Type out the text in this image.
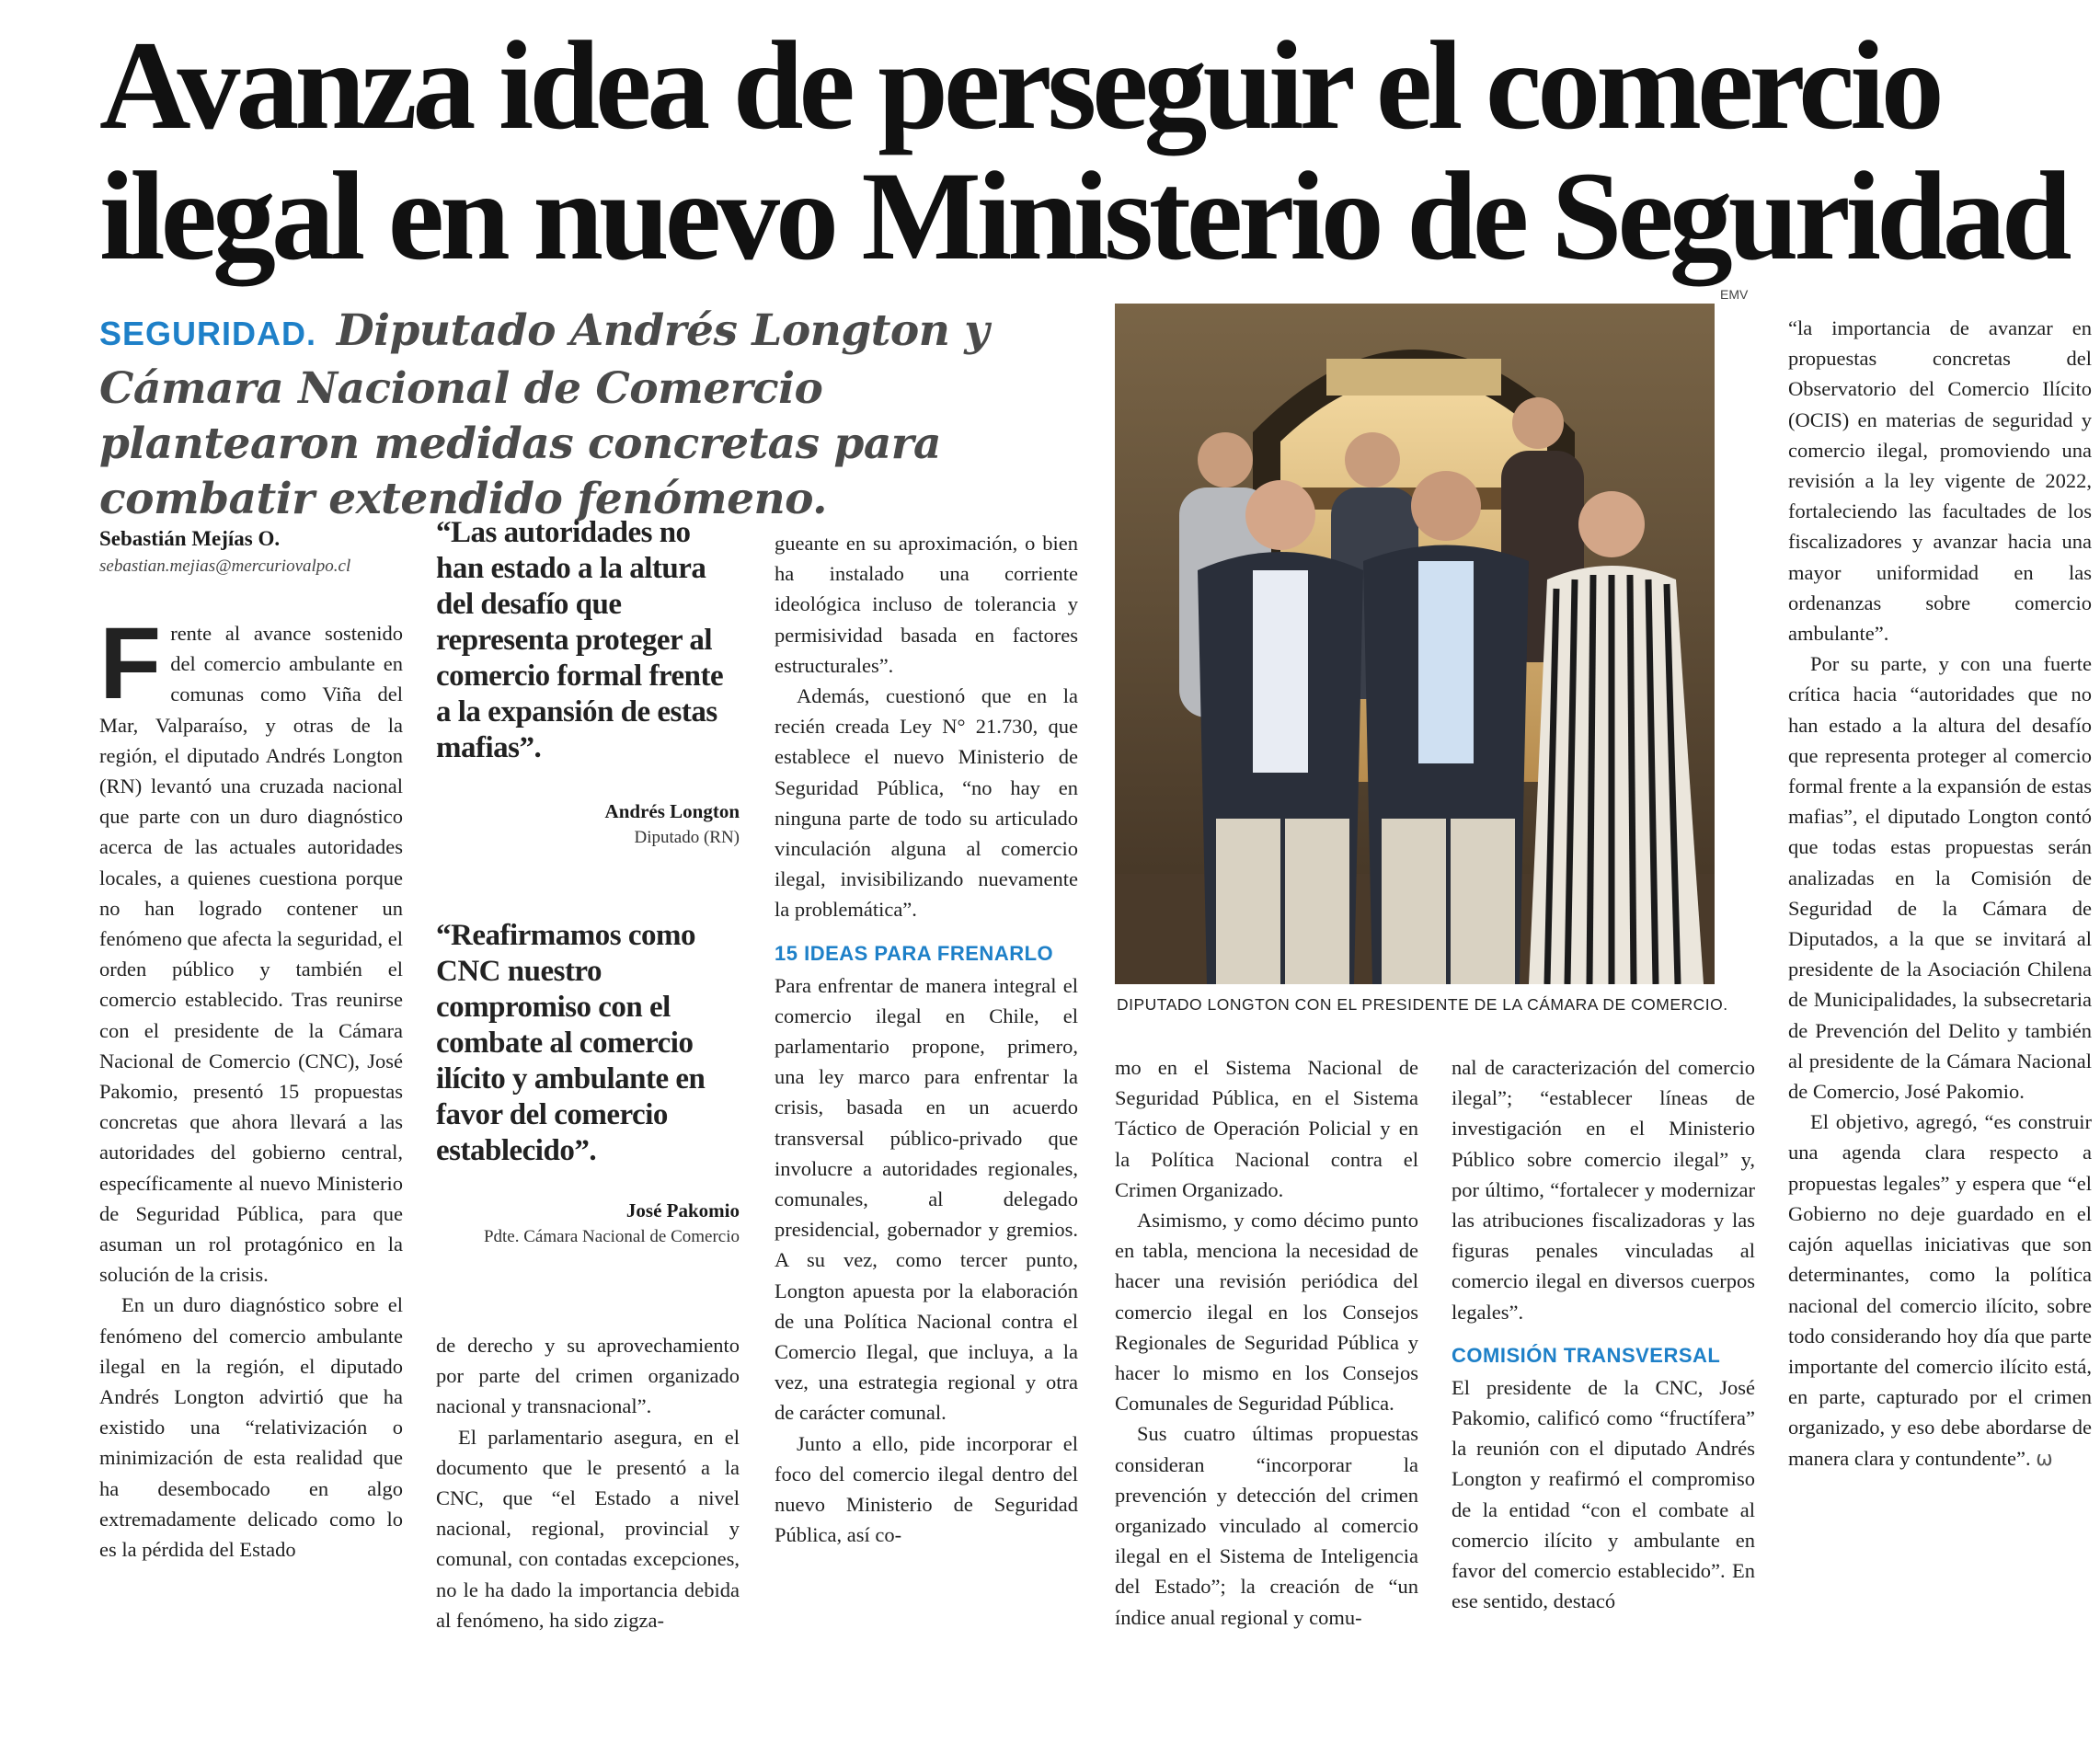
Avanza idea de perseguir el comercio ilegal en nuevo Ministerio de Seguridad
SEGURIDAD. Diputado Andrés Longton y Cámara Nacional de Comercio plantearon medidas concretas para combatir extendido fenómeno.
Sebastián Mejías O.
sebastian.mejias@mercuriovalpo.cl

Frente al avance sostenido del comercio ambulante en comunas como Viña del Mar, Valparaíso, y otras de la región, el diputado Andrés Longton (RN) levantó una cruzada nacional que parte con un duro diagnóstico acerca de las actuales autoridades locales, a quienes cuestiona porque no han logrado contener un fenómeno que afecta la seguridad, el orden público y también el comercio establecido. Tras reunirse con el presidente de la Cámara Nacional de Comercio (CNC), José Pakomio, presentó 15 propuestas concretas que ahora llevará a las autoridades del gobierno central, específicamente al nuevo Ministerio de Seguridad Pública, para que asuman un rol protagónico en la solución de la crisis.

En un duro diagnóstico sobre el fenómeno del comercio ambulante ilegal en la región, el diputado Andrés Longton advirtió que ha existido una “relativización o minimización de esta realidad que ha desembocado en algo extremadamente delicado como lo es la pérdida del Estado

“Las autoridades no han estado a la altura del desafío que representa proteger al comercio formal frente a la expansión de estas mafias”.
Andrés Longton
Diputado (RN)
“Reafirmamos como CNC nuestro compromiso con el combate al comercio ilícito y ambulante en favor del comercio establecido”.
José Pakomio
Pdte. Cámara Nacional de Comercio

de derecho y su aprovechamiento por parte del crimen organizado nacional y transnacional”.

El parlamentario asegura, en el documento que le presentó a la CNC, que “el Estado a nivel nacional, regional, provincial y comunal, con contadas excepciones, no le ha dado la importancia debida al fenómeno, ha sido zigza-

gueante en su aproximación, o bien ha instalado una corriente ideológica incluso de tolerancia y permisividad basada en factores estructurales”.

Además, cuestionó que en la recién creada Ley N° 21.730, que establece el nuevo Ministerio de Seguridad Pública, “no hay en ninguna parte de todo su articulado vinculación alguna al comercio ilegal, invisibilizando nuevamente la problemática”.

15 IDEAS PARA FRENARLO

Para enfrentar de manera integral el comercio ilegal en Chile, el parlamentario propone, primero, una ley marco para enfrentar la crisis, basada en un acuerdo transversal público-privado que involucre a autoridades regionales, comunales, al delegado presidencial, gobernador y gremios. A su vez, como tercer punto, Longton apuesta por la elaboración de una Política Nacional contra el Comercio Ilegal, que incluya, a la vez, una estrategia regional y otra de carácter comunal.

Junto a ello, pide incorporar el foco del comercio ilegal dentro del nuevo Ministerio de Seguridad Pública, así co-

EMV
DIPUTADO LONGTON CON EL PRESIDENTE DE LA CÁMARA DE COMERCIO.

mo en el Sistema Nacional de Seguridad Pública, en el Sistema Táctico de Operación Policial y en la Política Nacional contra el Crimen Organizado.

Asimismo, y como décimo punto en tabla, menciona la necesidad de hacer una revisión periódica del comercio ilegal en los Consejos Regionales de Seguridad Pública y hacer lo mismo en los Consejos Comunales de Seguridad Pública.

Sus cuatro últimas propuestas consideran “incorporar la prevención y detección del crimen organizado vinculado al comercio ilegal en el Sistema de Inteligencia del Estado”; la creación de “un índice anual regional y comu-

nal de caracterización del comercio ilegal”; “establecer líneas de investigación en el Ministerio Público sobre comercio ilegal” y, por último, “fortalecer y modernizar las atribuciones fiscalizadoras y las figuras penales vinculadas al comercio ilegal en diversos cuerpos legales”.

COMISIÓN TRANSVERSAL

El presidente de la CNC, José Pakomio, calificó como “fructífera” la reunión con el diputado Andrés Longton y reafirmó el compromiso de la entidad “con el combate al comercio ilícito y ambulante en favor del comercio establecido”. En ese sentido, destacó

“la importancia de avanzar en propuestas concretas del Observatorio del Comercio Ilícito (OCIS) en materias de seguridad y comercio ilegal, promoviendo una revisión a la ley vigente de 2022, fortaleciendo las facultades de los fiscalizadores y avanzar hacia una mayor uniformidad en las ordenanzas sobre comercio ambulante”.

Por su parte, y con una fuerte crítica hacia “autoridades que no han estado a la altura del desafío que representa proteger al comercio formal frente a la expansión de estas mafias”, el diputado Longton contó que todas estas propuestas serán analizadas en la Comisión de Seguridad de la Cámara de Diputados, a la que se invitará al presidente de la Asociación Chilena de Municipalidades, la subsecretaria de Prevención del Delito y también al presidente de la Cámara Nacional de Comercio, José Pakomio.

El objetivo, agregó, “es construir una agenda clara respecto a propuestas legales” y espera que “el Gobierno no deje guardado en el cajón aquellas iniciativas que son determinantes, como la política nacional del comercio ilícito, sobre todo considerando hoy día que parte importante del comercio ilícito está, en parte, capturado por el crimen organizado, y eso debe abordarse de manera clara y contundente”. ω
